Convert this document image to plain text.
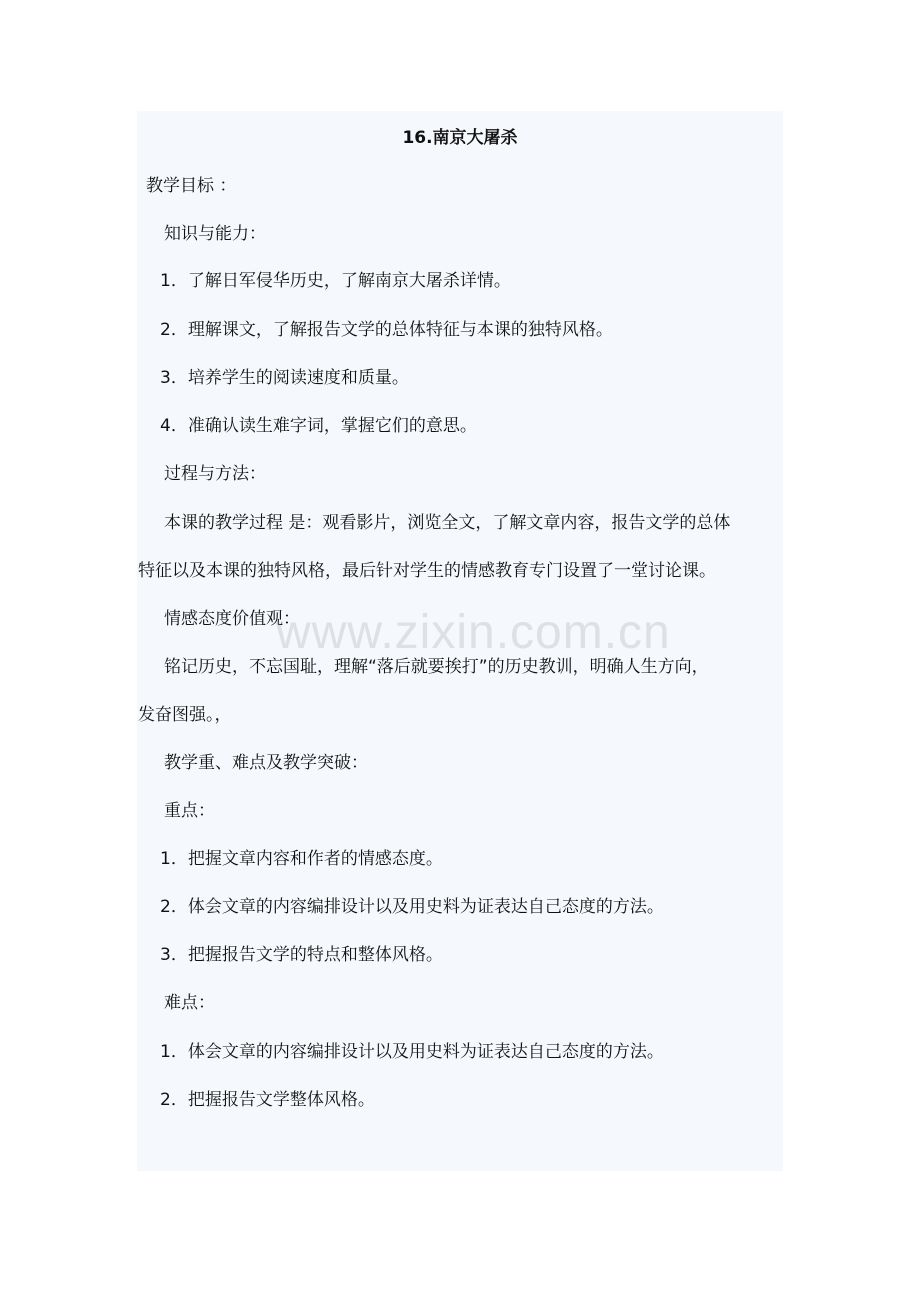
16.南京大屠杀

教学目标 ：

知识与能力：

1．了解日军侵华历史，了解南京大屠杀详情。

2．理解课文，了解报告文学的总体特征与本课的独特风格。

3．培养学生的阅读速度和质量。

4．准确认读生难字词，掌握它们的意思。

过程与方法：

本课的教学过程 是：观看影片，浏览全文，了解文章内容，报告文学的总体

特征以及本课的独特风格，最后针对学生的情感教育专门设置了一堂讨论课。

情感态度价值观：

铭记历史，不忘国耻，理解“落后就要挨打”的历史教训，明确人生方向，

发奋图强。，

教学重、难点及教学突破：

重点：

1．把握文章内容和作者的情感态度。

2．体会文章的内容编排设计以及用史料为证表达自己态度的方法。

3．把握报告文学的特点和整体风格。

难点：

1．体会文章的内容编排设计以及用史料为证表达自己态度的方法。

2．把握报告文学整体风格。

www.zixin.com.cn
